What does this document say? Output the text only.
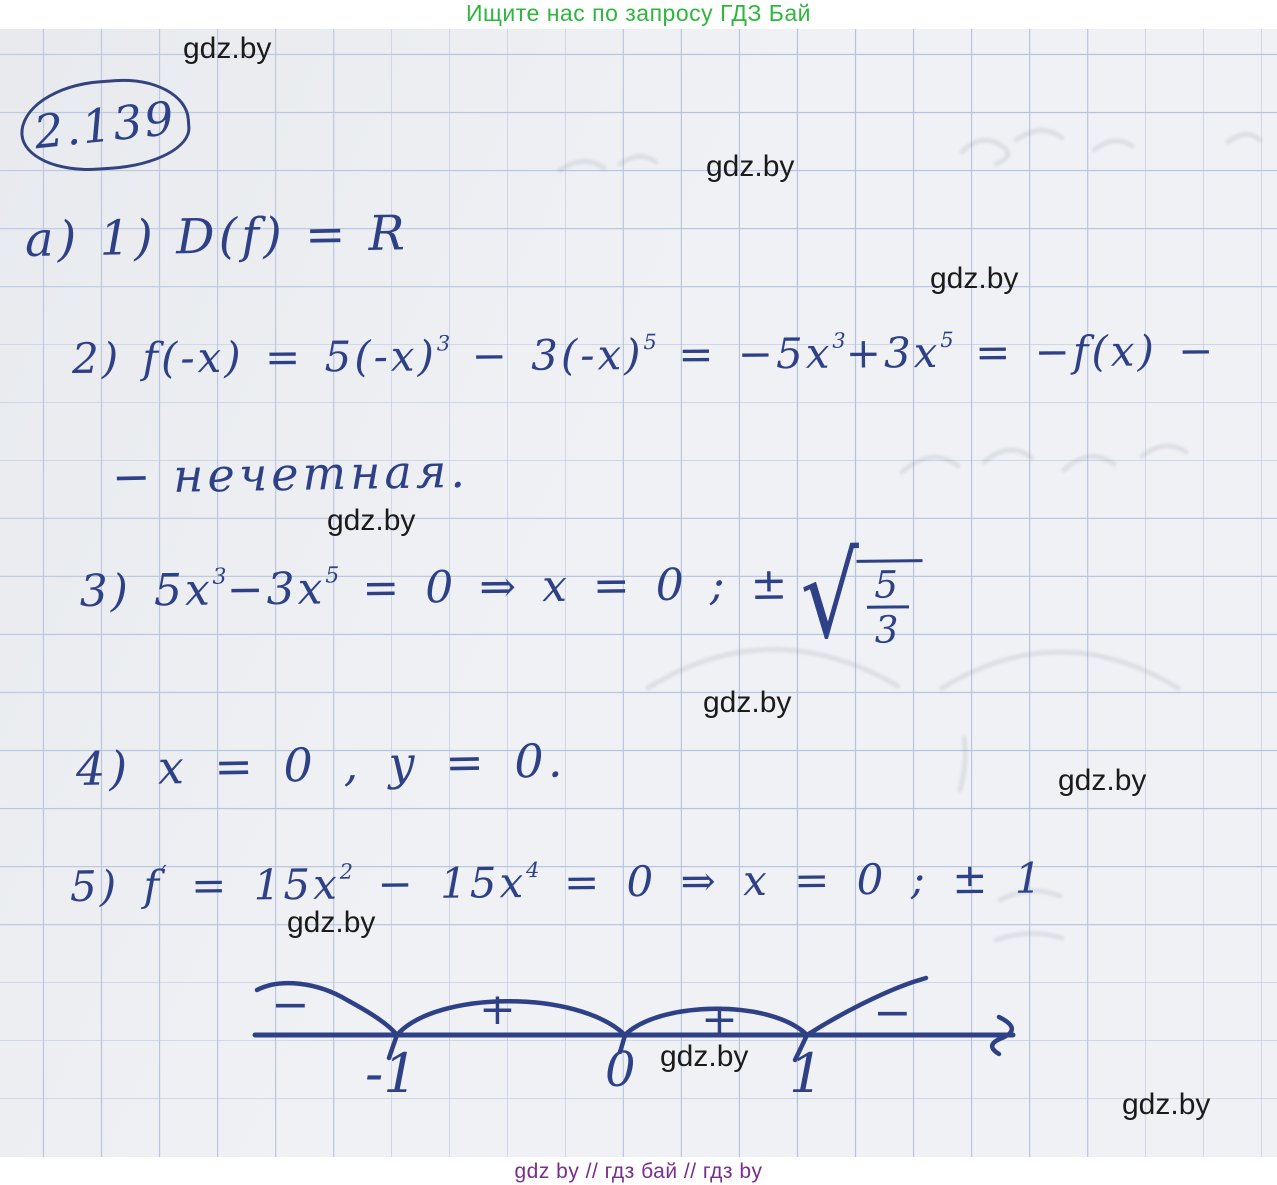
Ищите нас по запросу ГДЗ Бай
2.139
gdz.by
gdz.by
gdz.by
gdz.by
gdz.by
gdz.by
gdz.by
gdz.by
gdz.by
а) 1) D(f) = R
2) $f(-x) = 5(-x)^3 - 3(-x)^5 = -5x^3+3x^5 = -f(x)$ −
− нечетная.
3) $5x^3-3x^5 = 0$ ⇒ x = 0 ; ± √ 5
3
4) x = 0 , y = 0.
5) $f' = 15x^2 - 15x^4 = 0$ ⇒ x = 0 ; ± 1
−	+	+	−
-1	0	1
gdz by // гдз бай // гдз by
